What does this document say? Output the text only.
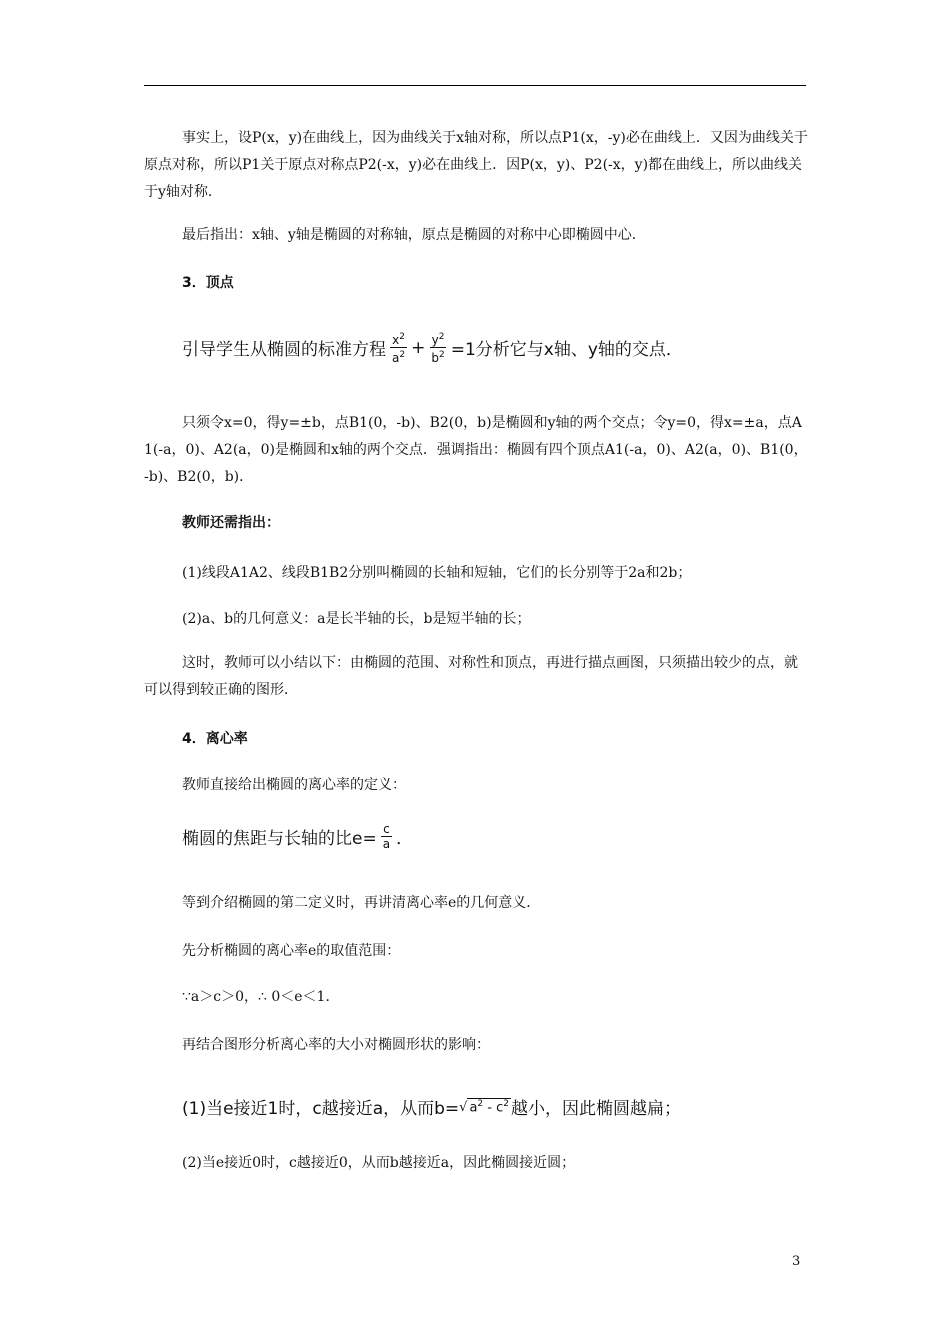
事实上，设P(x，y)在曲线上，因为曲线关于x轴对称，所以点P1(x，-y)必在曲线上．又因为曲线关于原点对称，所以P1关于原点对称点P2(-x，y)必在曲线上．因P(x，y)、P2(-x，y)都在曲线上，所以曲线关于y轴对称．

最后指出：x轴、y轴是椭圆的对称轴，原点是椭圆的对称中心即椭圆中心．

3．顶点

引导学生从椭圆的标准方程 $\frac{x^2}{a^2} + \frac{y^2}{b^2} =1$分析它与x轴、y轴的交点．

只须令x=0，得y=±b，点B1(0，-b)、B2(0，b)是椭圆和y轴的两个交点；令y=0，得x=±a，点A1(-a，0)、A2(a，0)是椭圆和x轴的两个交点．强调指出：椭圆有四个顶点A1(-a，0)、A2(a，0)、B1(0，-b)、B2(0，b)．

教师还需指出：

(1)线段A1A2、线段B1B2分别叫椭圆的长轴和短轴，它们的长分别等于2a和2b；

(2)a、b的几何意义：a是长半轴的长，b是短半轴的长；

这时，教师可以小结以下：由椭圆的范围、对称性和顶点，再进行描点画图，只须描出较少的点，就可以得到较正确的图形．

4．离心率

教师直接给出椭圆的离心率的定义：

椭圆的焦距与长轴的比$e= \frac{c}{a}$ ．

等到介绍椭圆的第二定义时，再讲清离心率e的几何意义．

先分析椭圆的离心率e的取值范围：

∵a＞c＞0，∴ 0＜e＜1．

再结合图形分析离心率的大小对椭圆形状的影响：

(1)当e接近1时，c越接近a，从而b= √ $a^2 - c^2$ 越小，因此椭圆越扁；

(2)当e接近0时，c越接近0，从而b越接近a，因此椭圆接近圆；

3
